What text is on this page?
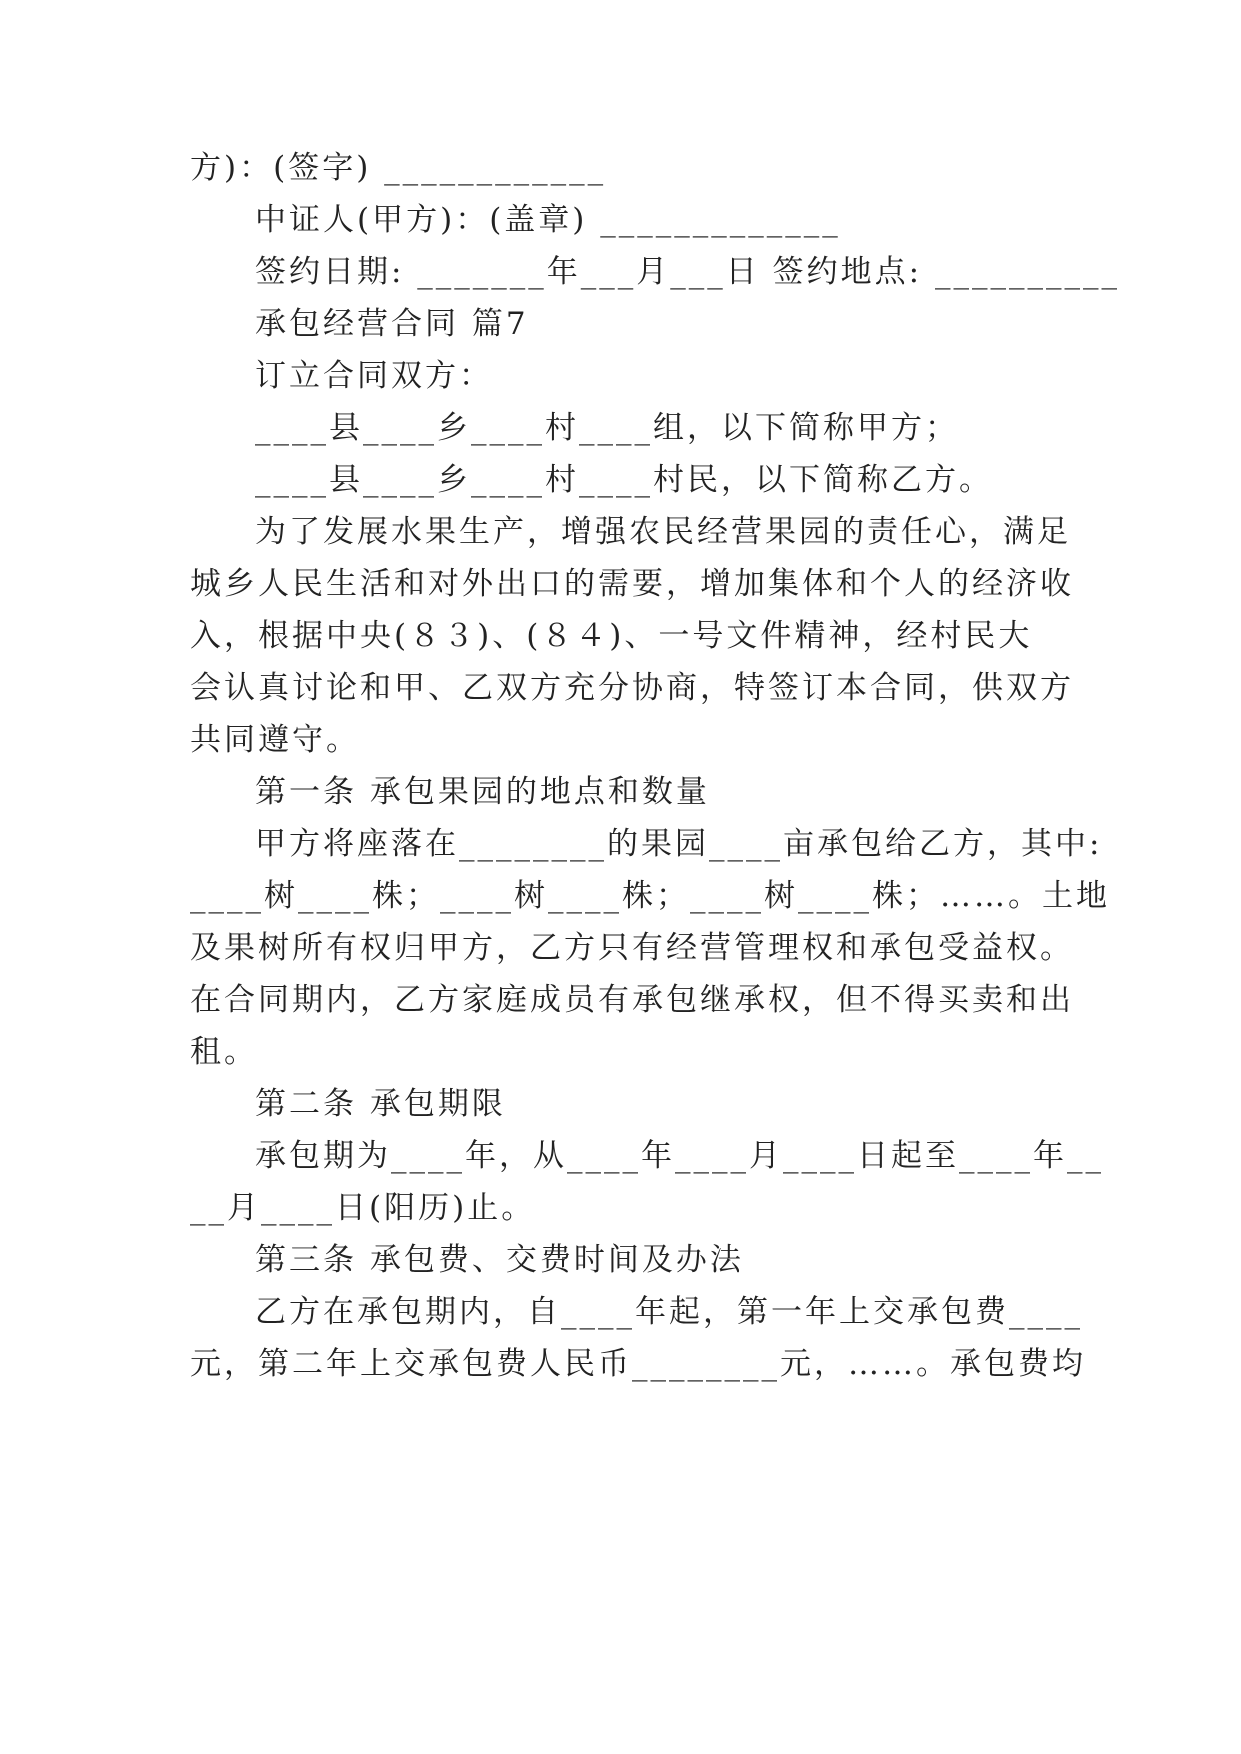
方)：(签字) ____________
中证人(甲方)：(盖章) _____________
签约日期: _______年___月___日 签约地点: __________
承包经营合同 篇7
订立合同双方：
____县____乡____村____组，以下简称甲方；
____县____乡____村____村民，以下简称乙方。
为了发展水果生产，增强农民经营果园的责任心，满足
城乡人民生活和对外出口的需要，增加集体和个人的经济收
入，根据中央(８３)、(８４)、一号文件精神，经村民大
会认真讨论和甲、乙双方充分协商，特签订本合同，供双方
共同遵守。
第一条 承包果园的地点和数量
甲方将座落在________的果园____亩承包给乙方，其中:
____树____株；____树____株；____树____株；……。土地
及果树所有权归甲方，乙方只有经营管理权和承包受益权。
在合同期内，乙方家庭成员有承包继承权，但不得买卖和出
租。
第二条 承包期限
承包期为____年，从____年____月____日起至____年__
__月____日(阳历)止。
第三条 承包费、交费时间及办法
乙方在承包期内，自____年起，第一年上交承包费____
元，第二年上交承包费人民币________元，……。承包费均
